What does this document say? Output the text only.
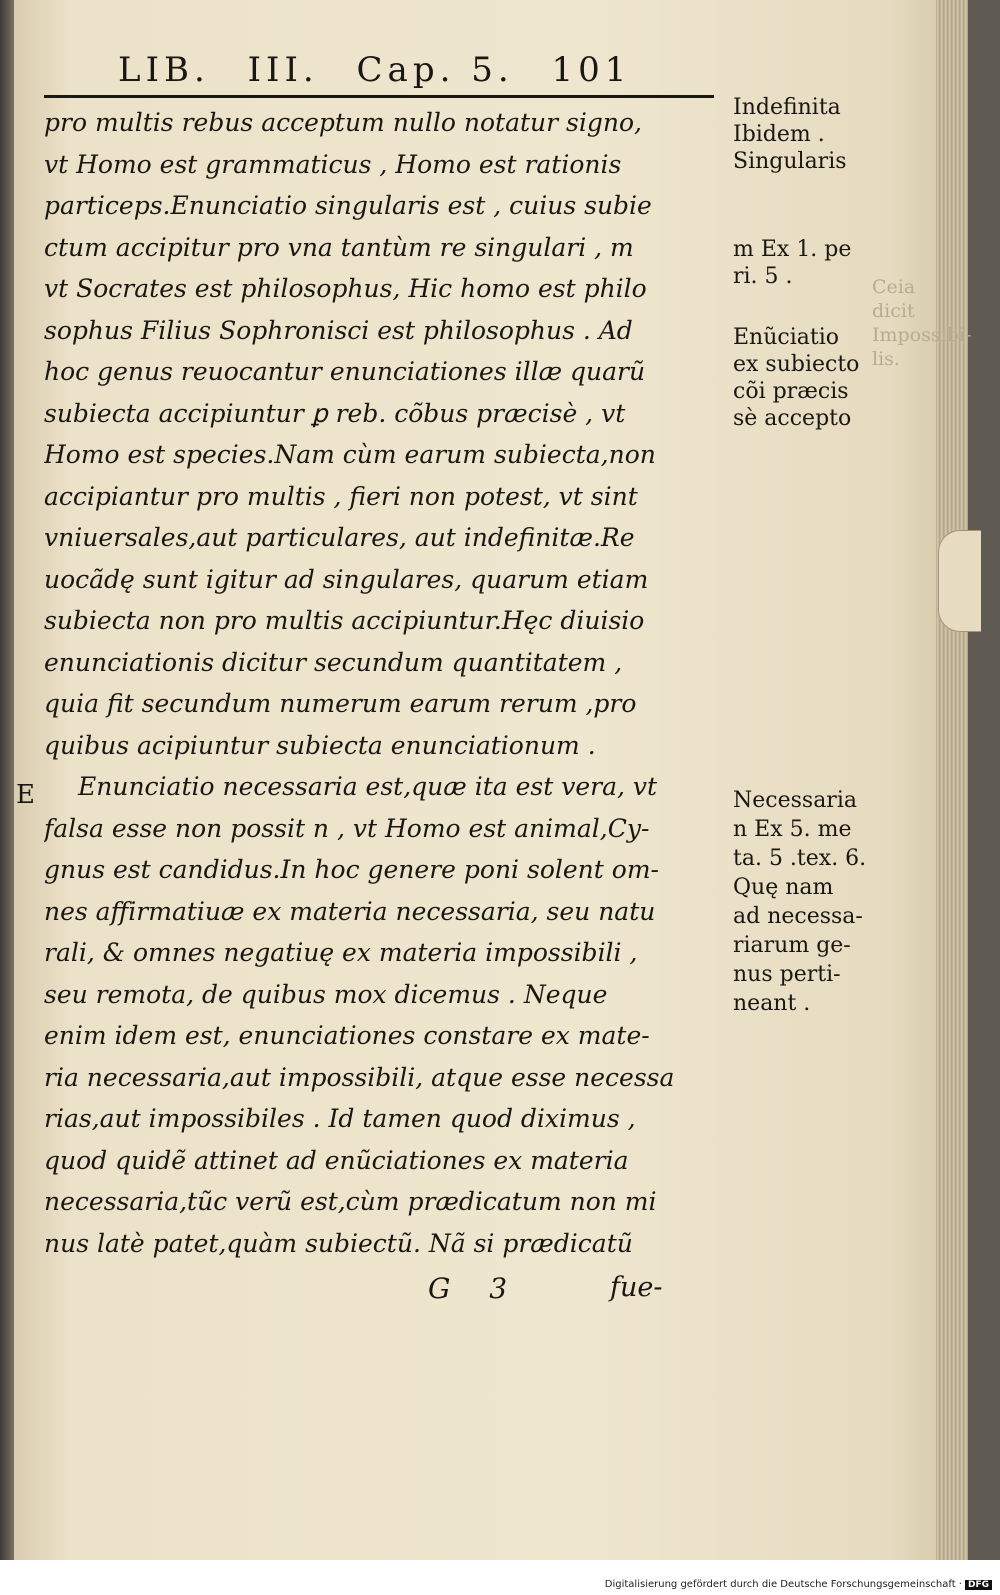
Ceia
dicit
Impossibi-
lis.
LIB. III. Cap. 5. 101
pro multis rebus acceptum nullo notatur signo,
vt Homo est grammaticus , Homo est rationis
particeps.Enunciatio singularis est , cuius subie
ctum accipitur pro vna tantùm re singulari , m
vt Socrates est philosophus, Hic homo est philo
sophus Filius Sophronisci est philosophus . Ad
hoc genus reuocantur enunciationes illæ quarũ
subiecta accipiuntur ꝑ reb. cõbus præcisè , vt
Homo est species.Nam cùm earum subiecta,non
accipiantur pro multis , fieri non potest, vt sint
vniuersales,aut particulares, aut indefinitæ.Re
uocãdę sunt igitur ad singulares, quarum etiam
subiecta non pro multis accipiuntur.Hęc diuisio
enunciationis dicitur secundum quantitatem ,
quia fit secundum numerum earum rerum ,pro
quibus acipiuntur subiecta enunciationum .
Enunciatio necessaria est,quæ ita est vera, vt
falsa esse non possit n , vt Homo est animal,Cy-
gnus est candidus.In hoc genere poni solent om-
nes affirmatiuæ ex materia necessaria, seu natu
rali, & omnes negatiuę ex materia impossibili ,
seu remota, de quibus mox dicemus . Neque
enim idem est, enunciationes constare ex mate-
ria necessaria,aut impossibili, atque esse necessa
rias,aut impossibiles . Id tamen quod diximus ,
quod quidẽ attinet ad enũciationes ex materia
necessaria,tũc verũ est,cùm prædicatum non mi
nus latè patet,quàm subiectũ. Nã si prædicatũ
E
Indefinita
Ibidem .
Singularis
m Ex 1. pe
ri. 5 .
Enũciatio
ex subiecto
cõi præcis
sè accepto
Necessaria
n Ex 5. me
ta. 5 .tex. 6.
Quę nam
ad necessa-
riarum ge-
nus perti-
neant .
G 3	fue-
Digitalisierung gefördert durch die Deutsche Forschungsgemeinschaft · DFG
